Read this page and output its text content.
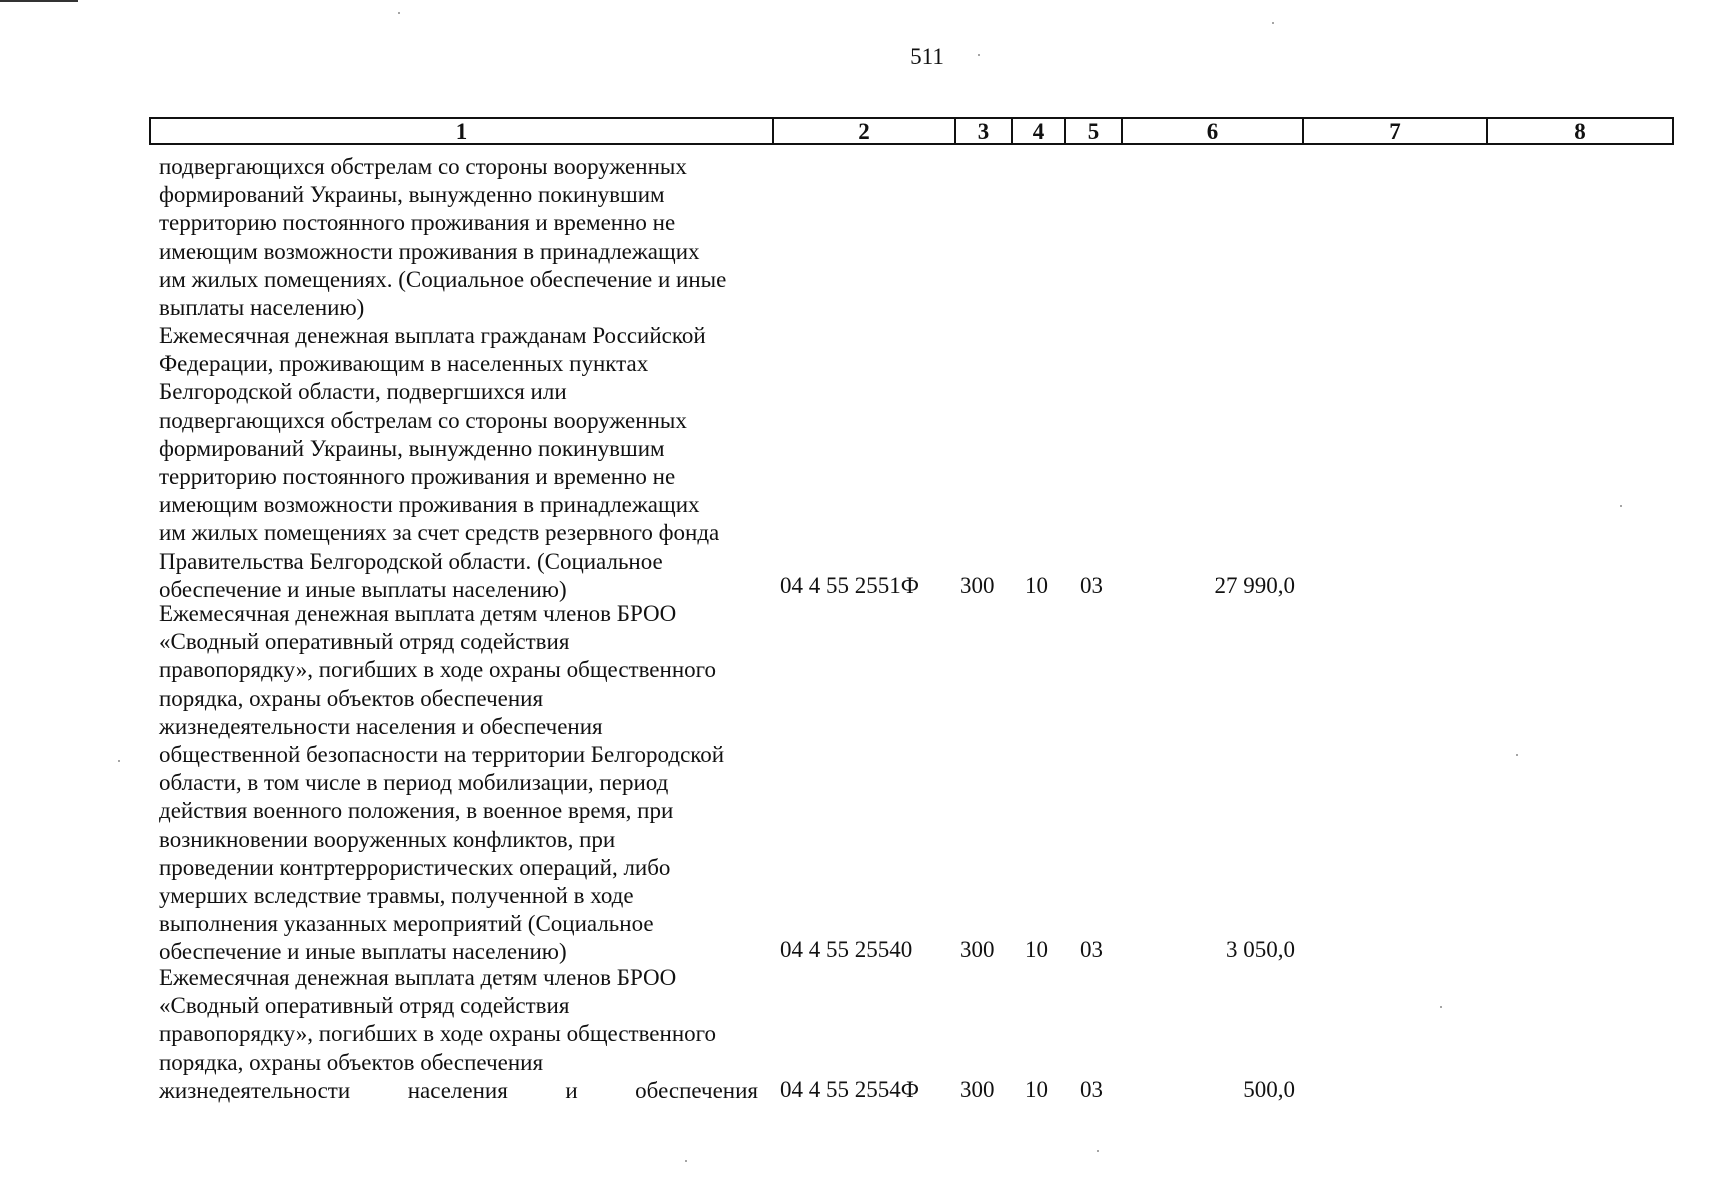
511
1	2	3	4	5	6	7	8

подвергающихся обстрелам со стороны вооруженных

формирований Украины, вынужденно покинувшим

территорию постоянного проживания и временно не

имеющим возможности проживания в принадлежащих

им жилых помещениях. (Социальное обеспечение и иные

выплаты населению)

Ежемесячная денежная выплата гражданам Российской

Федерации, проживающим в населенных пунктах

Белгородской области, подвергшихся или

подвергающихся обстрелам со стороны вооруженных

формирований Украины, вынужденно покинувшим

территорию постоянного проживания и временно не

имеющим возможности проживания в принадлежащих

им жилых помещениях за счет средств резервного фонда

Правительства Белгородской области. (Социальное

обеспечение и иные выплаты населению)	04 4 55 2551Ф	300	10	03	27 990,0

Ежемесячная денежная выплата детям членов БРОО

«Сводный оперативный отряд содействия

правопорядку», погибших в ходе охраны общественного

порядка, охраны объектов обеспечения

жизнедеятельности населения и обеспечения

общественной безопасности на территории Белгородской

области, в том числе в период мобилизации, период

действия военного положения, в военное время, при

возникновении вооруженных конфликтов, при

проведении контртеррористических операций, либо

умерших вследствие травмы, полученной в ходе

выполнения указанных мероприятий (Социальное

обеспечение и иные выплаты населению)	04 4 55 25540	300	10	03	3 050,0

Ежемесячная денежная выплата детям членов БРОО

«Сводный оперативный отряд содействия

правопорядку», погибших в ходе охраны общественного

порядка, охраны объектов обеспечения

жизнедеятельности населения и обеспечения 04 4 55 2554Ф	300	10	03	500,0
